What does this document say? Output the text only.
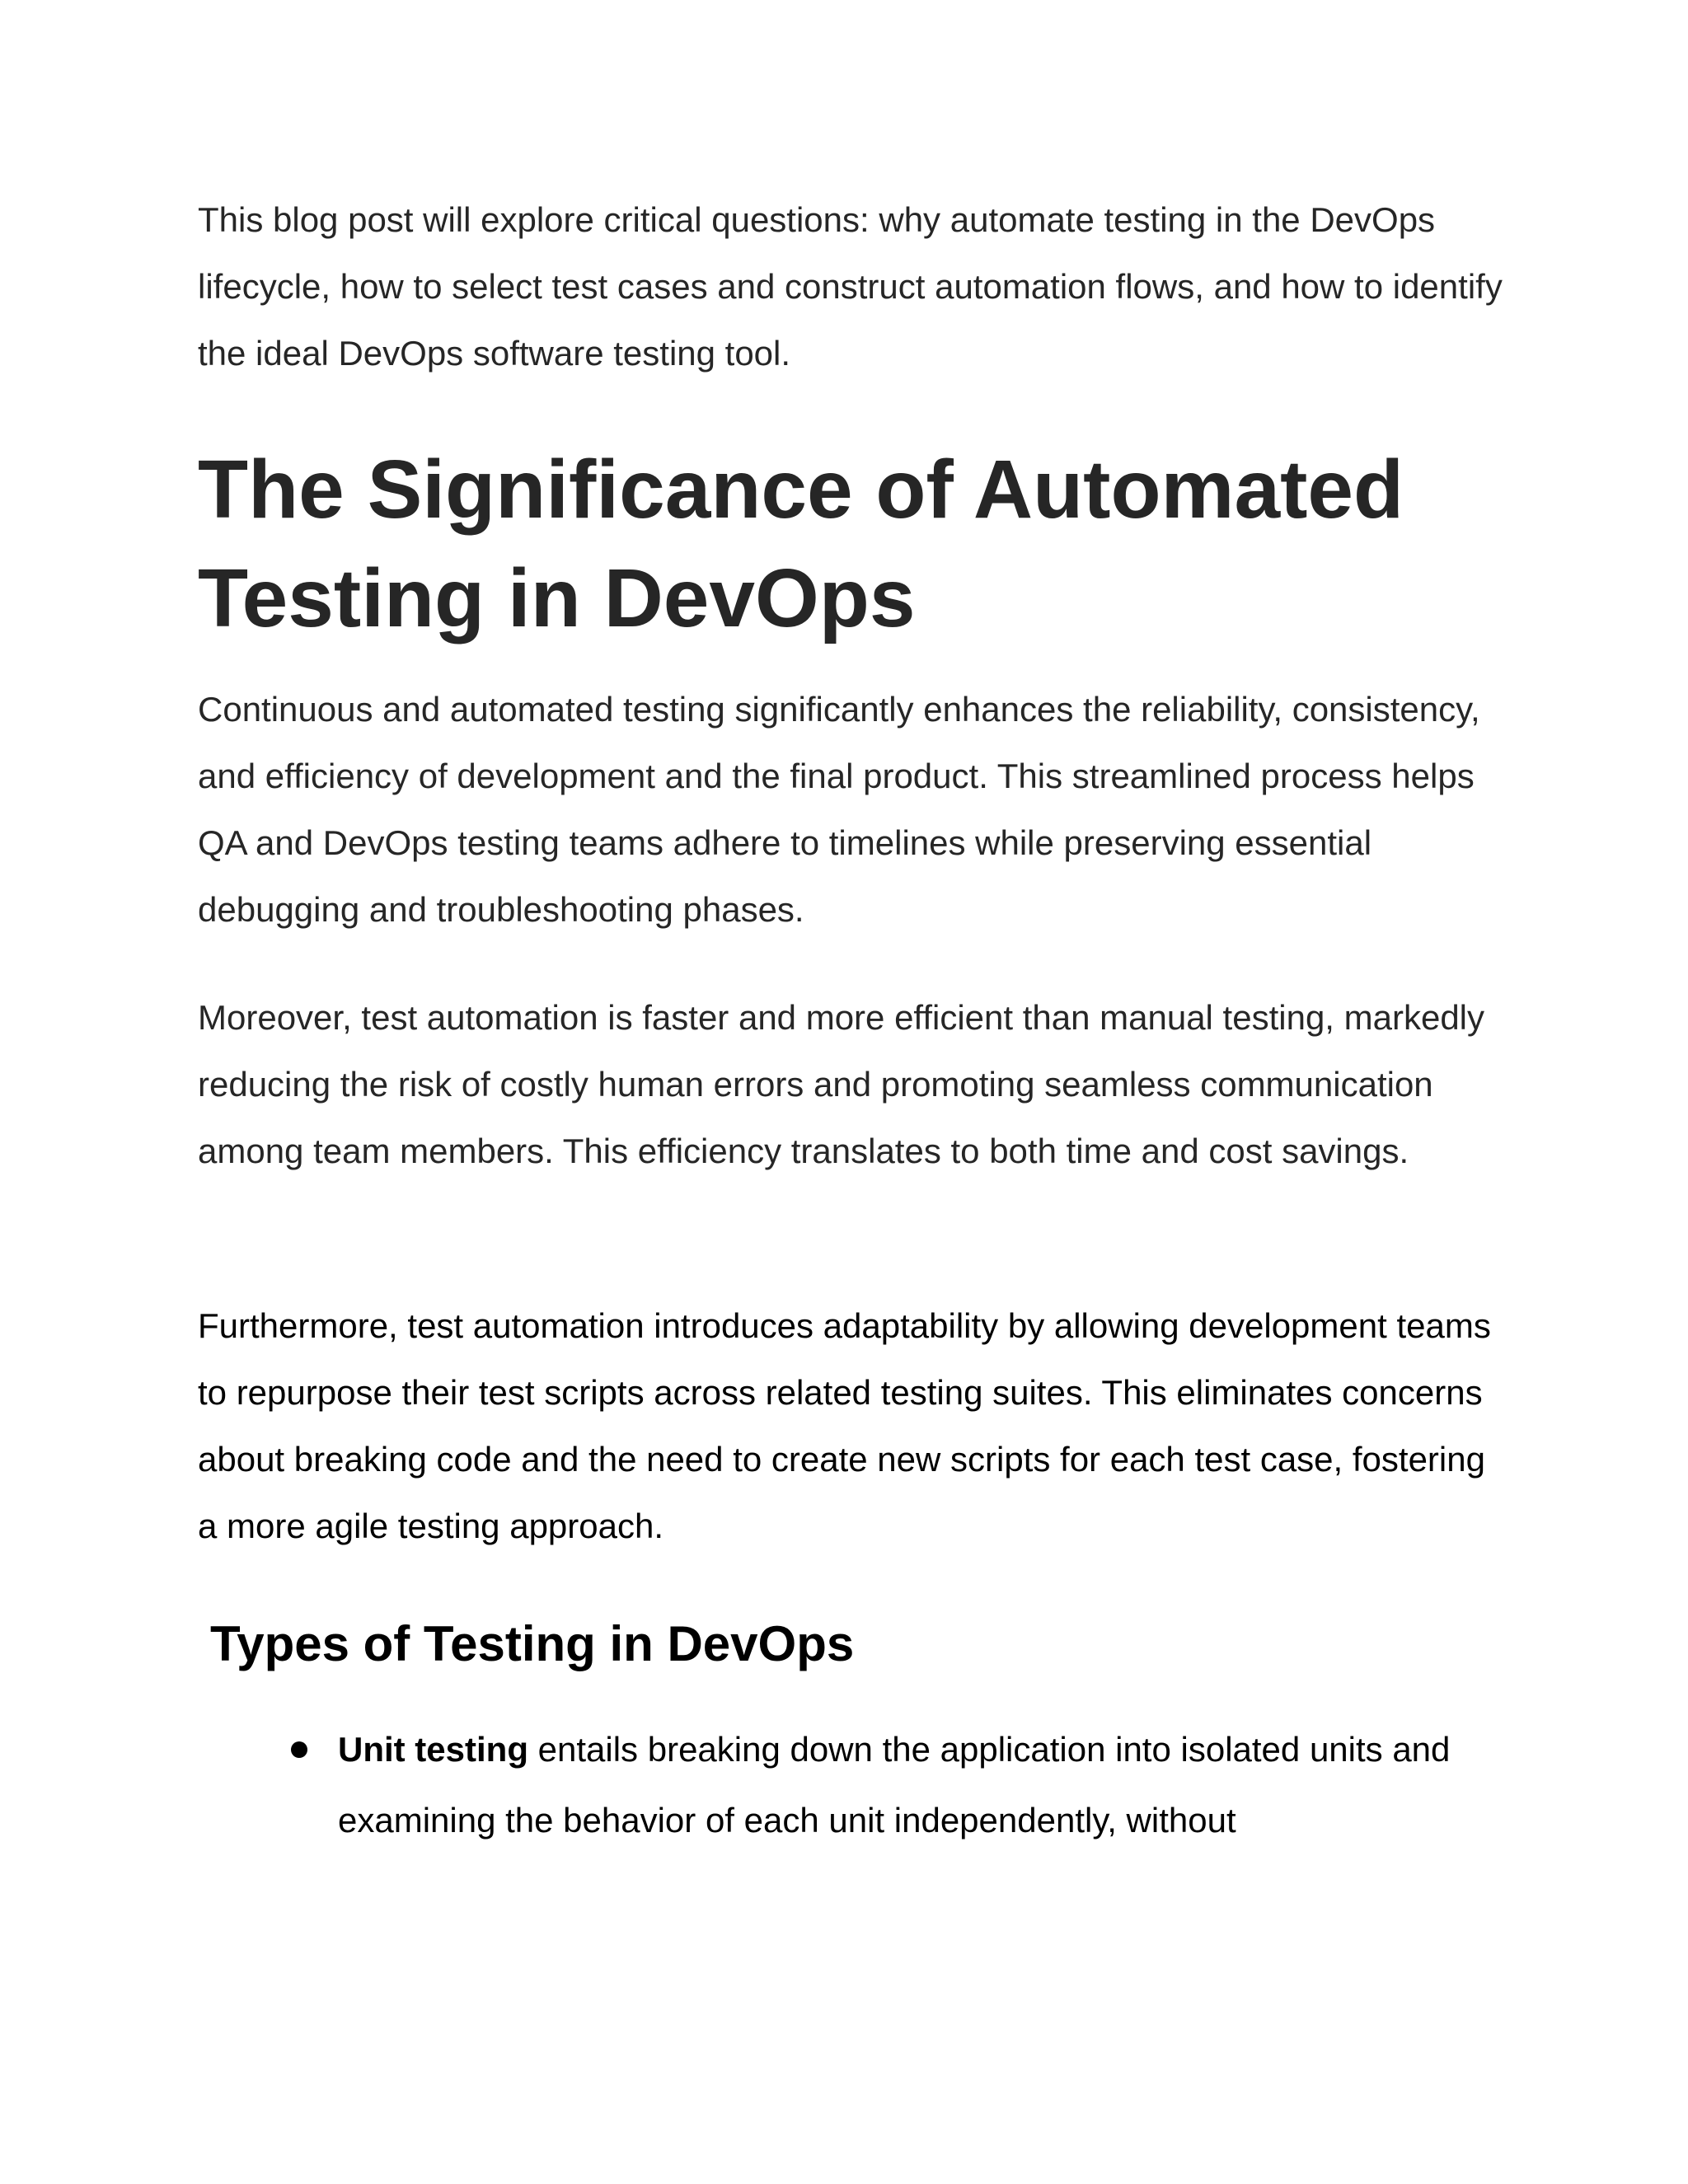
This blog post will explore critical questions: why automate testing in the DevOps lifecycle, how to select test cases and construct automation flows, and how to identify the ideal DevOps software testing tool.

The Significance of Automated Testing in DevOps

Continuous and automated testing significantly enhances the reliability, consistency, and efficiency of development and the final product. This streamlined process helps QA and DevOps testing teams adhere to timelines while preserving essential debugging and troubleshooting phases.

Moreover, test automation is faster and more efficient than manual testing, markedly reducing the risk of costly human errors and promoting seamless communication among team members. This efficiency translates to both time and cost savings.

Furthermore, test automation introduces adaptability by allowing development teams to repurpose their test scripts across related testing suites. This eliminates concerns about breaking code and the need to create new scripts for each test case, fostering a more agile testing approach.

Types of Testing in DevOps

Unit testing entails breaking down the application into isolated units and examining the behavior of each unit independently, without
